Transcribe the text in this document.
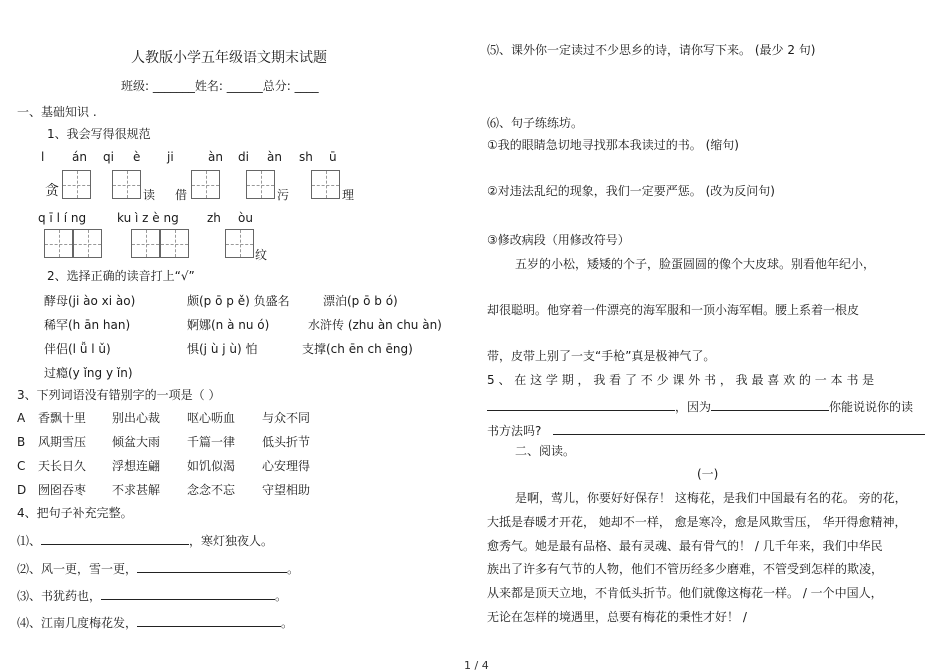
人教版小学五年级语文期末试题
班级: _______姓名: ______总分: ____
一、基础知识 .
1、我会写得很规范
l án qi è ji	àn di àn sh ū
贪	读 借	污	理
q ī l í ng	ku ì z è ng zh òu
纹
2、选择正确的读音打上“√”
酵母(ji ào xi ào)	颇(p ō p ě) 负盛名	漂泊(p ō b ó)
稀罕(h ān han)	婀娜(n à nu ó)	水浒传 (zhu àn chu àn)
伴侣(l ǚ l ǔ)	惧(j ù j ù) 怕	支撑(ch ēn ch ēng)
过瘾(y ǐng y ǐn)
3、下列词语没有错别字的一项是（ ）
A 香飘十里 别出心裁 呕心呖血 与众不同
B 风期雪压 倾盆大雨 千篇一律 低头折节
C 天长日久 浮想连翩 如饥似渴 心安理得
D 囫囵吞枣 不求甚解 念念不忘 守望相助
4、把句子补充完整。
⑴、	，寒灯独夜人。
⑵、风一更，雪一更，	。
⑶、书犹药也，	。
⑷、江南几度梅花发，	。
⑸、课外你一定读过不少思乡的诗，请你写下来。 (最少 2 句)
⑹、句子练练坊。
①我的眼睛急切地寻找那本我读过的书。 (缩句)
②对违法乱纪的现象，我们一定要严惩。 (改为反问句)
③修改病段（用修改符号）
五岁的小松，矮矮的个子，脸蛋圆圆的像个大皮球。别看他年纪小，
却很聪明。他穿着一件漂亮的海军服和一顶小海军帽。腰上系着一根皮
带，皮带上别了一支“手枪”真是极神气了。
5 、 在 这 学 期 ， 我 看 了 不 少 课 外 书 ， 我 最 喜 欢 的 一 本 书 是
，因为	你能说说你的读
书方法吗?
二、阅读。
(一)
是啊，莺儿，你要好好保存！ 这梅花，是我们中国最有名的花。 旁的花，
大抵是春暖才开花， 她却不一样， 愈是寒冷，愈是风欺雪压， 华开得愈精神，
愈秀气。她是最有品格、最有灵魂、最有骨气的！ / 几千年来，我们中华民
族出了许多有气节的人物，他们不管历经多少磨难，不管受到怎样的欺凌，
从来都是顶天立地，不肯低头折节。他们就像这梅花一样。 / 一个中国人，
无论在怎样的境遇里，总要有梅花的秉性才好！ /
1 / 4
